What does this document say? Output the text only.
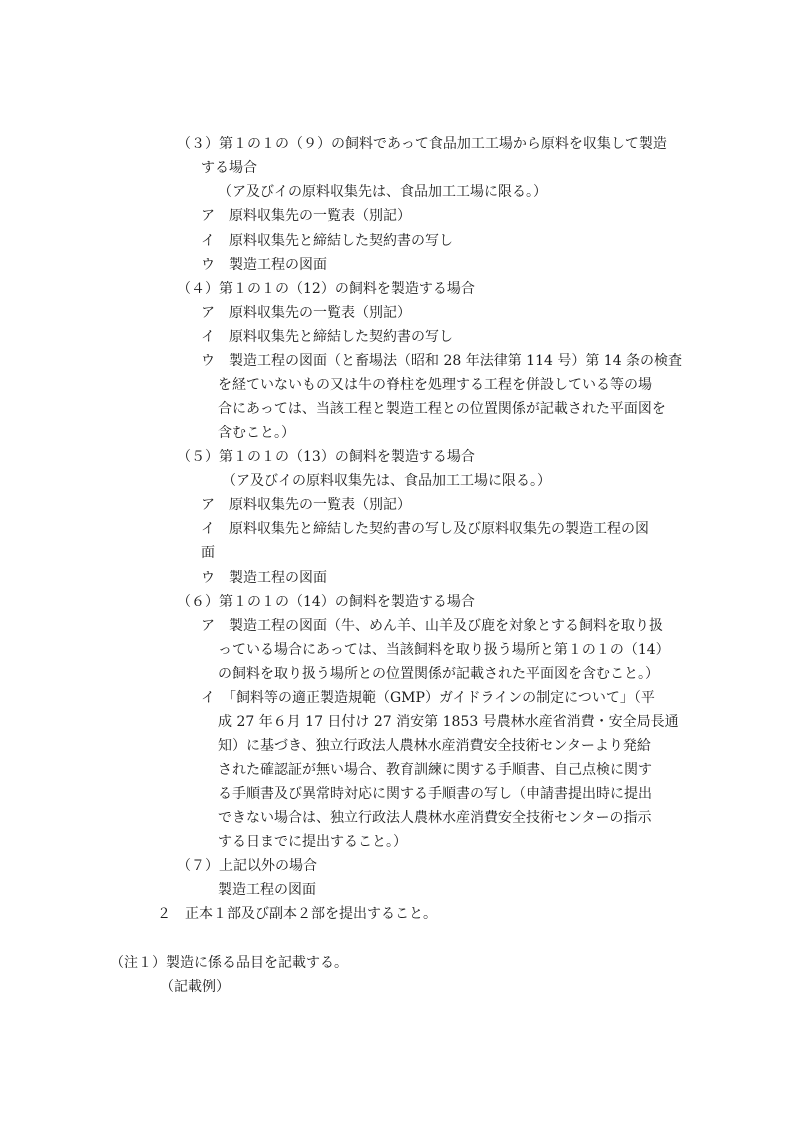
（３）第１の１の（９）の飼料であって食品加工工場から原料を収集して製造
する場合
（ア及びイの原料収集先は、食品加工工場に限る。）
ア　原料収集先の一覧表（別記）
イ　原料収集先と締結した契約書の写し
ウ　製造工程の図面
（４）第１の１の（12）の飼料を製造する場合
ア　原料収集先の一覧表（別記）
イ　原料収集先と締結した契約書の写し
ウ　製造工程の図面（と畜場法（昭和 28 年法律第 114 号）第 14 条の検査
を経ていないもの又は牛の脊柱を処理する工程を併設している等の場
合にあっては、当該工程と製造工程との位置関係が記載された平面図を
含むこと。）
（５）第１の１の（13）の飼料を製造する場合
（ア及びイの原料収集先は、食品加工工場に限る。）
ア　原料収集先の一覧表（別記）
イ　原料収集先と締結した契約書の写し及び原料収集先の製造工程の図
面
ウ　製造工程の図面
（６）第１の１の（14）の飼料を製造する場合
ア　製造工程の図面（牛、めん羊、山羊及び鹿を対象とする飼料を取り扱
っている場合にあっては、当該飼料を取り扱う場所と第１の１の（14）
の飼料を取り扱う場所との位置関係が記載された平面図を含むこと。）
イ　「飼料等の適正製造規範（GMP）ガイドラインの制定について」（平
成 27 年６月 17 日付け 27 消安第 1853 号農林水産省消費・安全局長通
知）に基づき、独立行政法人農林水産消費安全技術センターより発給
された確認証が無い場合、教育訓練に関する手順書、自己点検に関す
る手順書及び異常時対応に関する手順書の写し（申請書提出時に提出
できない場合は、独立行政法人農林水産消費安全技術センターの指示
する日までに提出すること。）
（７）上記以外の場合
製造工程の図面
２　正本１部及び副本２部を提出すること。
（注１）製造に係る品目を記載する。
（記載例）
